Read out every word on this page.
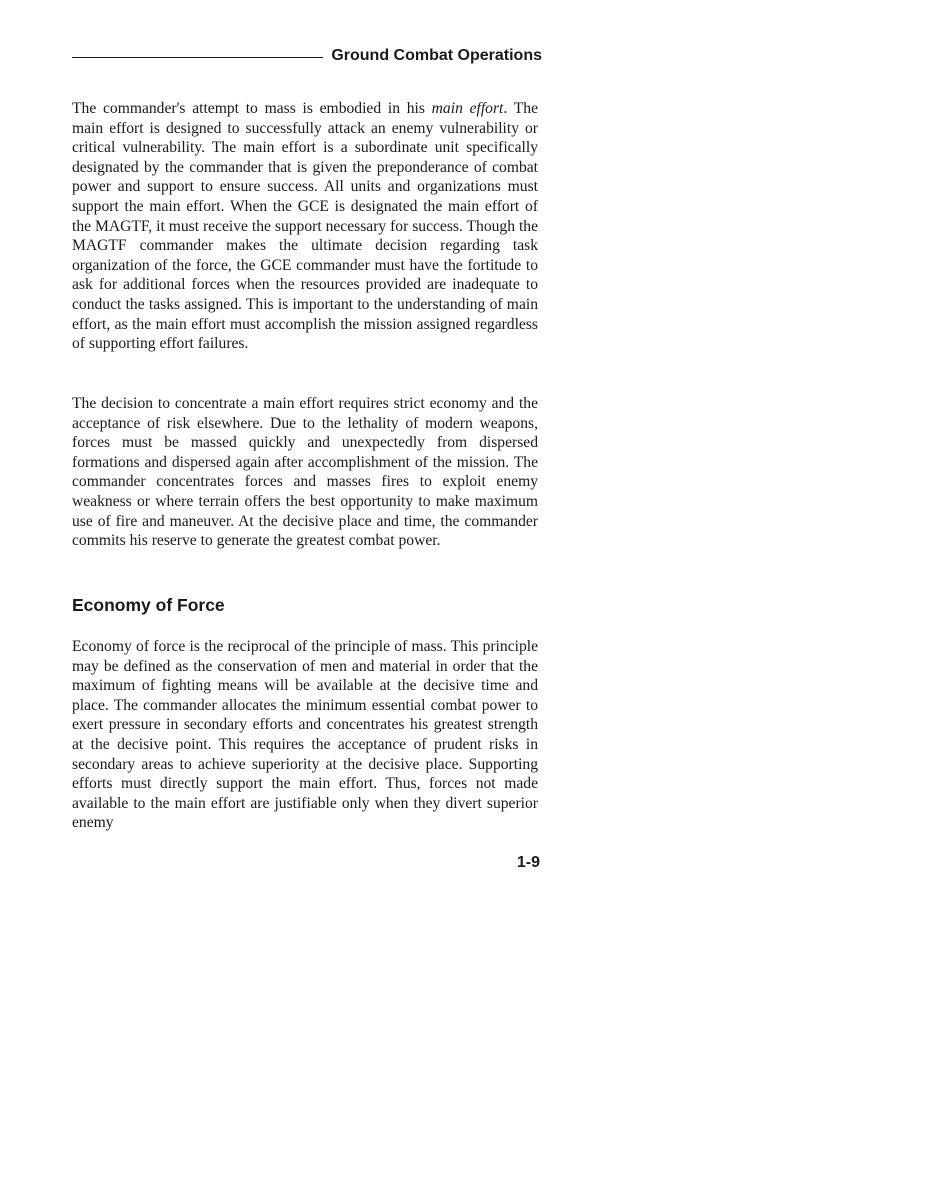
Ground Combat Operations

The commander's attempt to mass is embodied in his main effort. The main effort is designed to successfully attack an enemy vulnerability or critical vulnerability. The main effort is a subordinate unit specifically designated by the commander that is given the preponderance of combat power and support to ensure success. All units and organizations must support the main effort. When the GCE is designated the main effort of the MAGTF, it must receive the support necessary for success. Though the MAGTF commander makes the ultimate decision regarding task organization of the force, the GCE commander must have the fortitude to ask for additional forces when the resources provided are inadequate to conduct the tasks assigned. This is important to the understanding of main effort, as the main effort must accomplish the mission assigned regardless of supporting effort failures.

The decision to concentrate a main effort requires strict economy and the acceptance of risk elsewhere. Due to the lethality of modern weapons, forces must be massed quickly and unexpectedly from dispersed formations and dispersed again after accomplishment of the mission. The commander concentrates forces and masses fires to exploit enemy weakness or where terrain offers the best opportunity to make maximum use of fire and maneuver. At the decisive place and time, the commander commits his reserve to generate the greatest combat power.

Economy of Force

Economy of force is the reciprocal of the principle of mass. This principle may be defined as the conservation of men and material in order that the maximum of fighting means will be available at the decisive time and place. The commander allocates the minimum essential combat power to exert pressure in secondary efforts and concentrates his greatest strength at the decisive point. This requires the acceptance of prudent risks in secondary areas to achieve superiority at the decisive place. Supporting efforts must directly support the main effort. Thus, forces not made available to the main effort are justifiable only when they divert superior enemy

1-9
